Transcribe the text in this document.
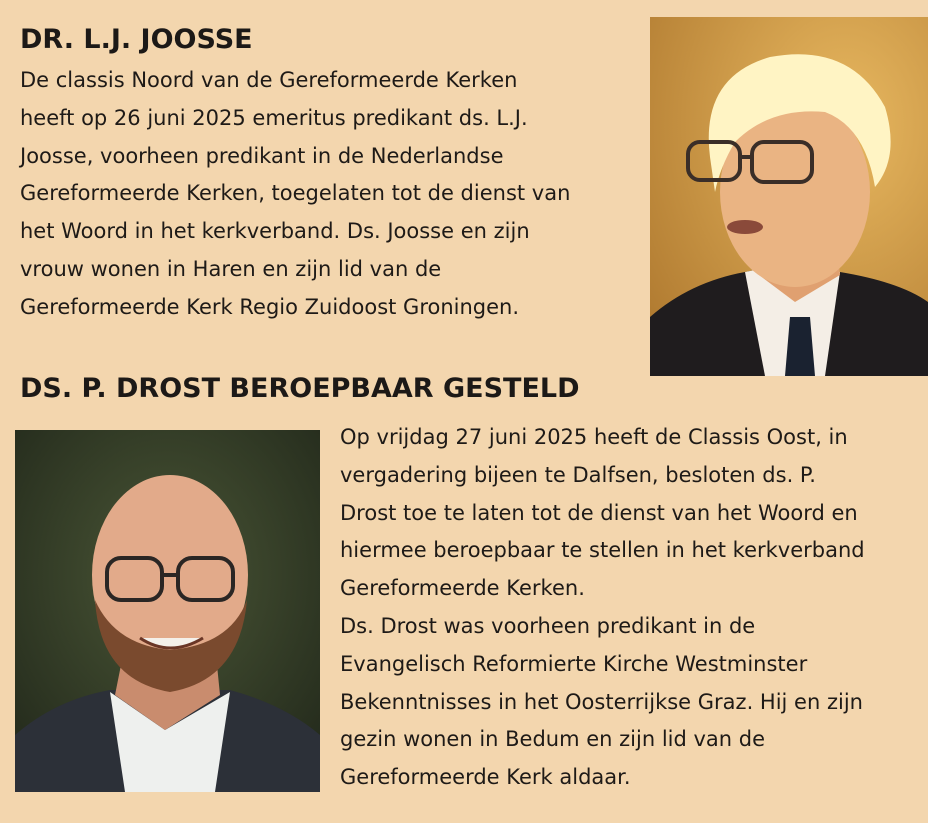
DR. L.J. JOOSSE
De classis Noord van de Gereformeerde Kerken
heeft op 26 juni 2025 emeritus predikant ds. L.J.
Joosse, voorheen predikant in de Nederlandse
Gereformeerde Kerken, toegelaten tot de dienst van
het Woord in het kerkverband. Ds. Joosse en zijn
vrouw wonen in Haren en zijn lid van de
Gereformeerde Kerk Regio Zuidoost Groningen.
DS. P. DROST BEROEPBAAR GESTELD
Op vrijdag 27 juni 2025 heeft de Classis Oost, in
vergadering bijeen te Dalfsen, besloten ds. P.
Drost toe te laten tot de dienst van het Woord en
hiermee beroepbaar te stellen in het kerkverband
Gereformeerde Kerken.
Ds. Drost was voorheen predikant in de
Evangelisch Reformierte Kirche Westminster
Bekenntnisses in het Oosterrijkse Graz. Hij en zijn
gezin wonen in Bedum en zijn lid van de
Gereformeerde Kerk aldaar.
